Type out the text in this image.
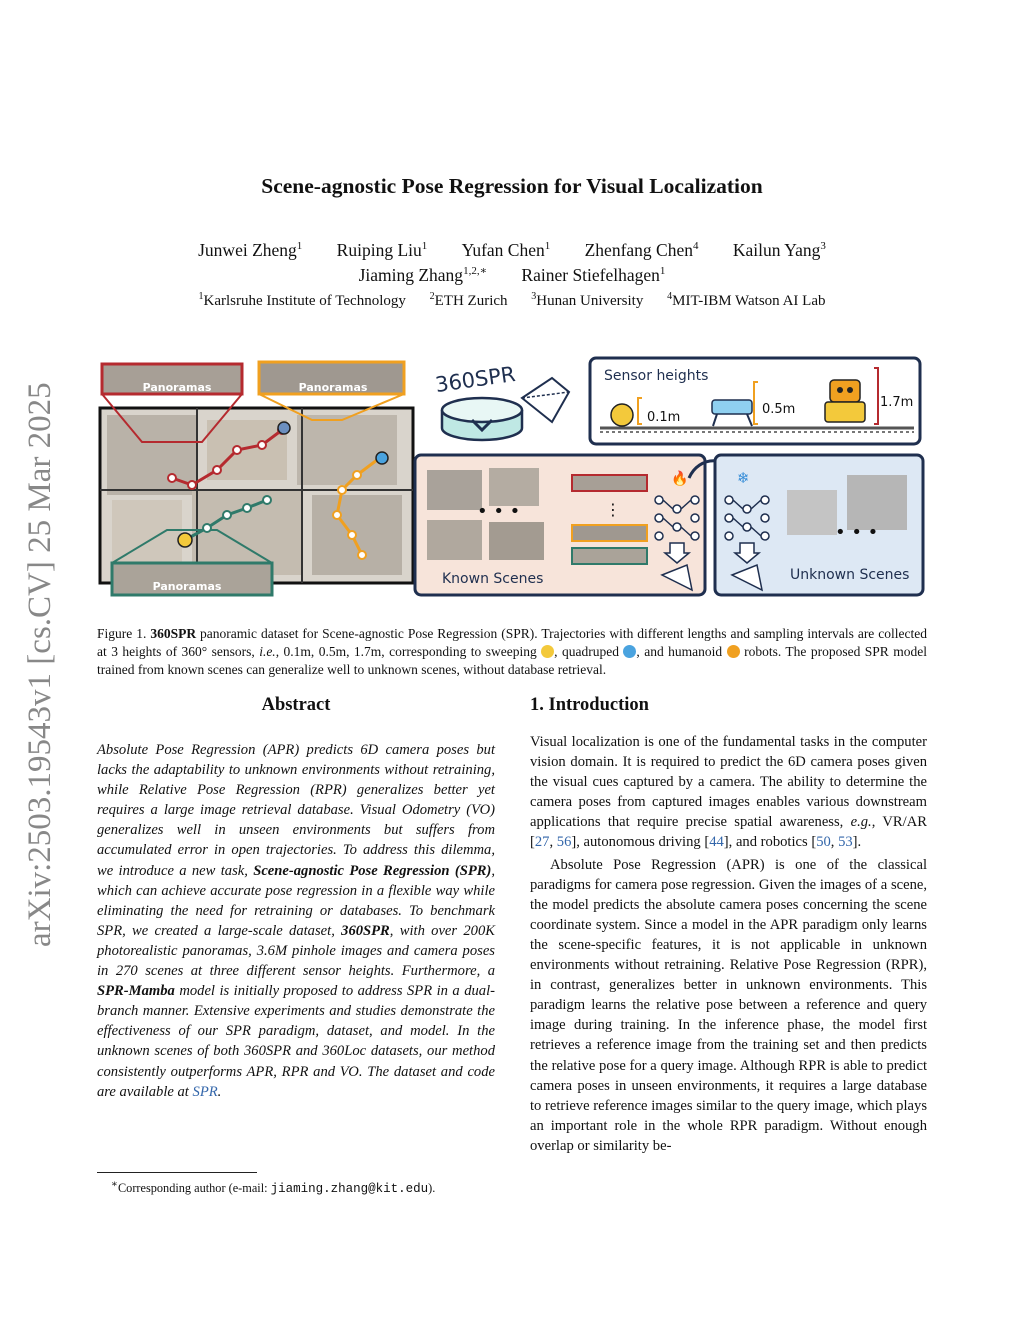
arXiv:2503.19543v1 [cs.CV] 25 Mar 2025
Scene-agnostic Pose Regression for Visual Localization
Junwei Zheng$^1$ Ruiping Liu$^1$ Yufan Chen$^1$ Zhenfang Chen$^4$ Kailun Yang$^3$
Jiaming Zhang$^{1,2,∗}$ Rainer Stiefelhagen$^1$
$^1$Karlsruhe Institute of Technology $^2$ETH Zurich $^3$Hunan University $^4$MIT-IBM Watson AI Lab
Panoramas	Panoramas
Panoramas
360SPR	Sensor heights
0.1m
0.5m	1.7m
• • •	⋮
Known Scenes
🔥	❄
• • •
Unknown Scenes
Figure 1. 360SPR panoramic dataset for Scene-agnostic Pose Regression (SPR). Trajectories with different lengths and sampling intervals are collected at 3 heights of 360° sensors, i.e., 0.1m, 0.5m, 1.7m, corresponding to sweeping , quadruped , and humanoid  robots. The proposed SPR model trained from known scenes can generalize well to unknown scenes, without database retrieval.
Abstract
Absolute Pose Regression (APR) predicts 6D camera poses but lacks the adaptability to unknown environments without retraining, while Relative Pose Regression (RPR) generalizes better yet requires a large image retrieval database. Visual Odometry (VO) generalizes well in unseen environments but suffers from accumulated error in open trajectories. To address this dilemma, we introduce a new task, Scene-agnostic Pose Regression (SPR), which can achieve accurate pose regression in a flexible way while eliminating the need for retraining or databases. To benchmark SPR, we created a large-scale dataset, 360SPR, with over 200K photorealistic panoramas, 3.6M pinhole images and camera poses in 270 scenes at three different sensor heights. Furthermore, a SPR-Mamba model is initially proposed to address SPR in a dual-branch manner. Extensive experiments and studies demonstrate the effectiveness of our SPR paradigm, dataset, and model. In the unknown scenes of both 360SPR and 360Loc datasets, our method consistently outperforms APR, RPR and VO. The dataset and code are available at SPR.
1. Introduction

Visual localization is one of the fundamental tasks in the computer vision domain. It is required to predict the 6D camera poses given the visual cues captured by a camera. The ability to determine the camera poses from captured images enables various downstream applications that require precise spatial awareness, e.g., VR/AR [27, 56], autonomous driving [44], and robotics [50, 53].

Absolute Pose Regression (APR) is one of the classical paradigms for camera pose regression. Given the images of a scene, the model predicts the absolute camera poses concerning the scene coordinate system. Since a model in the APR paradigm only learns the scene-specific features, it is not applicable in unknown environments without retraining. Relative Pose Regression (RPR), in contrast, generalizes better in unknown environments. This paradigm learns the relative pose between a reference and query image during training. In the inference phase, the model first retrieves a reference image from the training set and then predicts the relative pose for a query image. Although RPR is able to predict camera poses in unseen environments, it requires a large database to retrieve reference images similar to the query image, which plays an important role in the whole RPR paradigm. Without enough overlap or similarity be-

∗Corresponding author (e-mail: jiaming.zhang@kit.edu).
